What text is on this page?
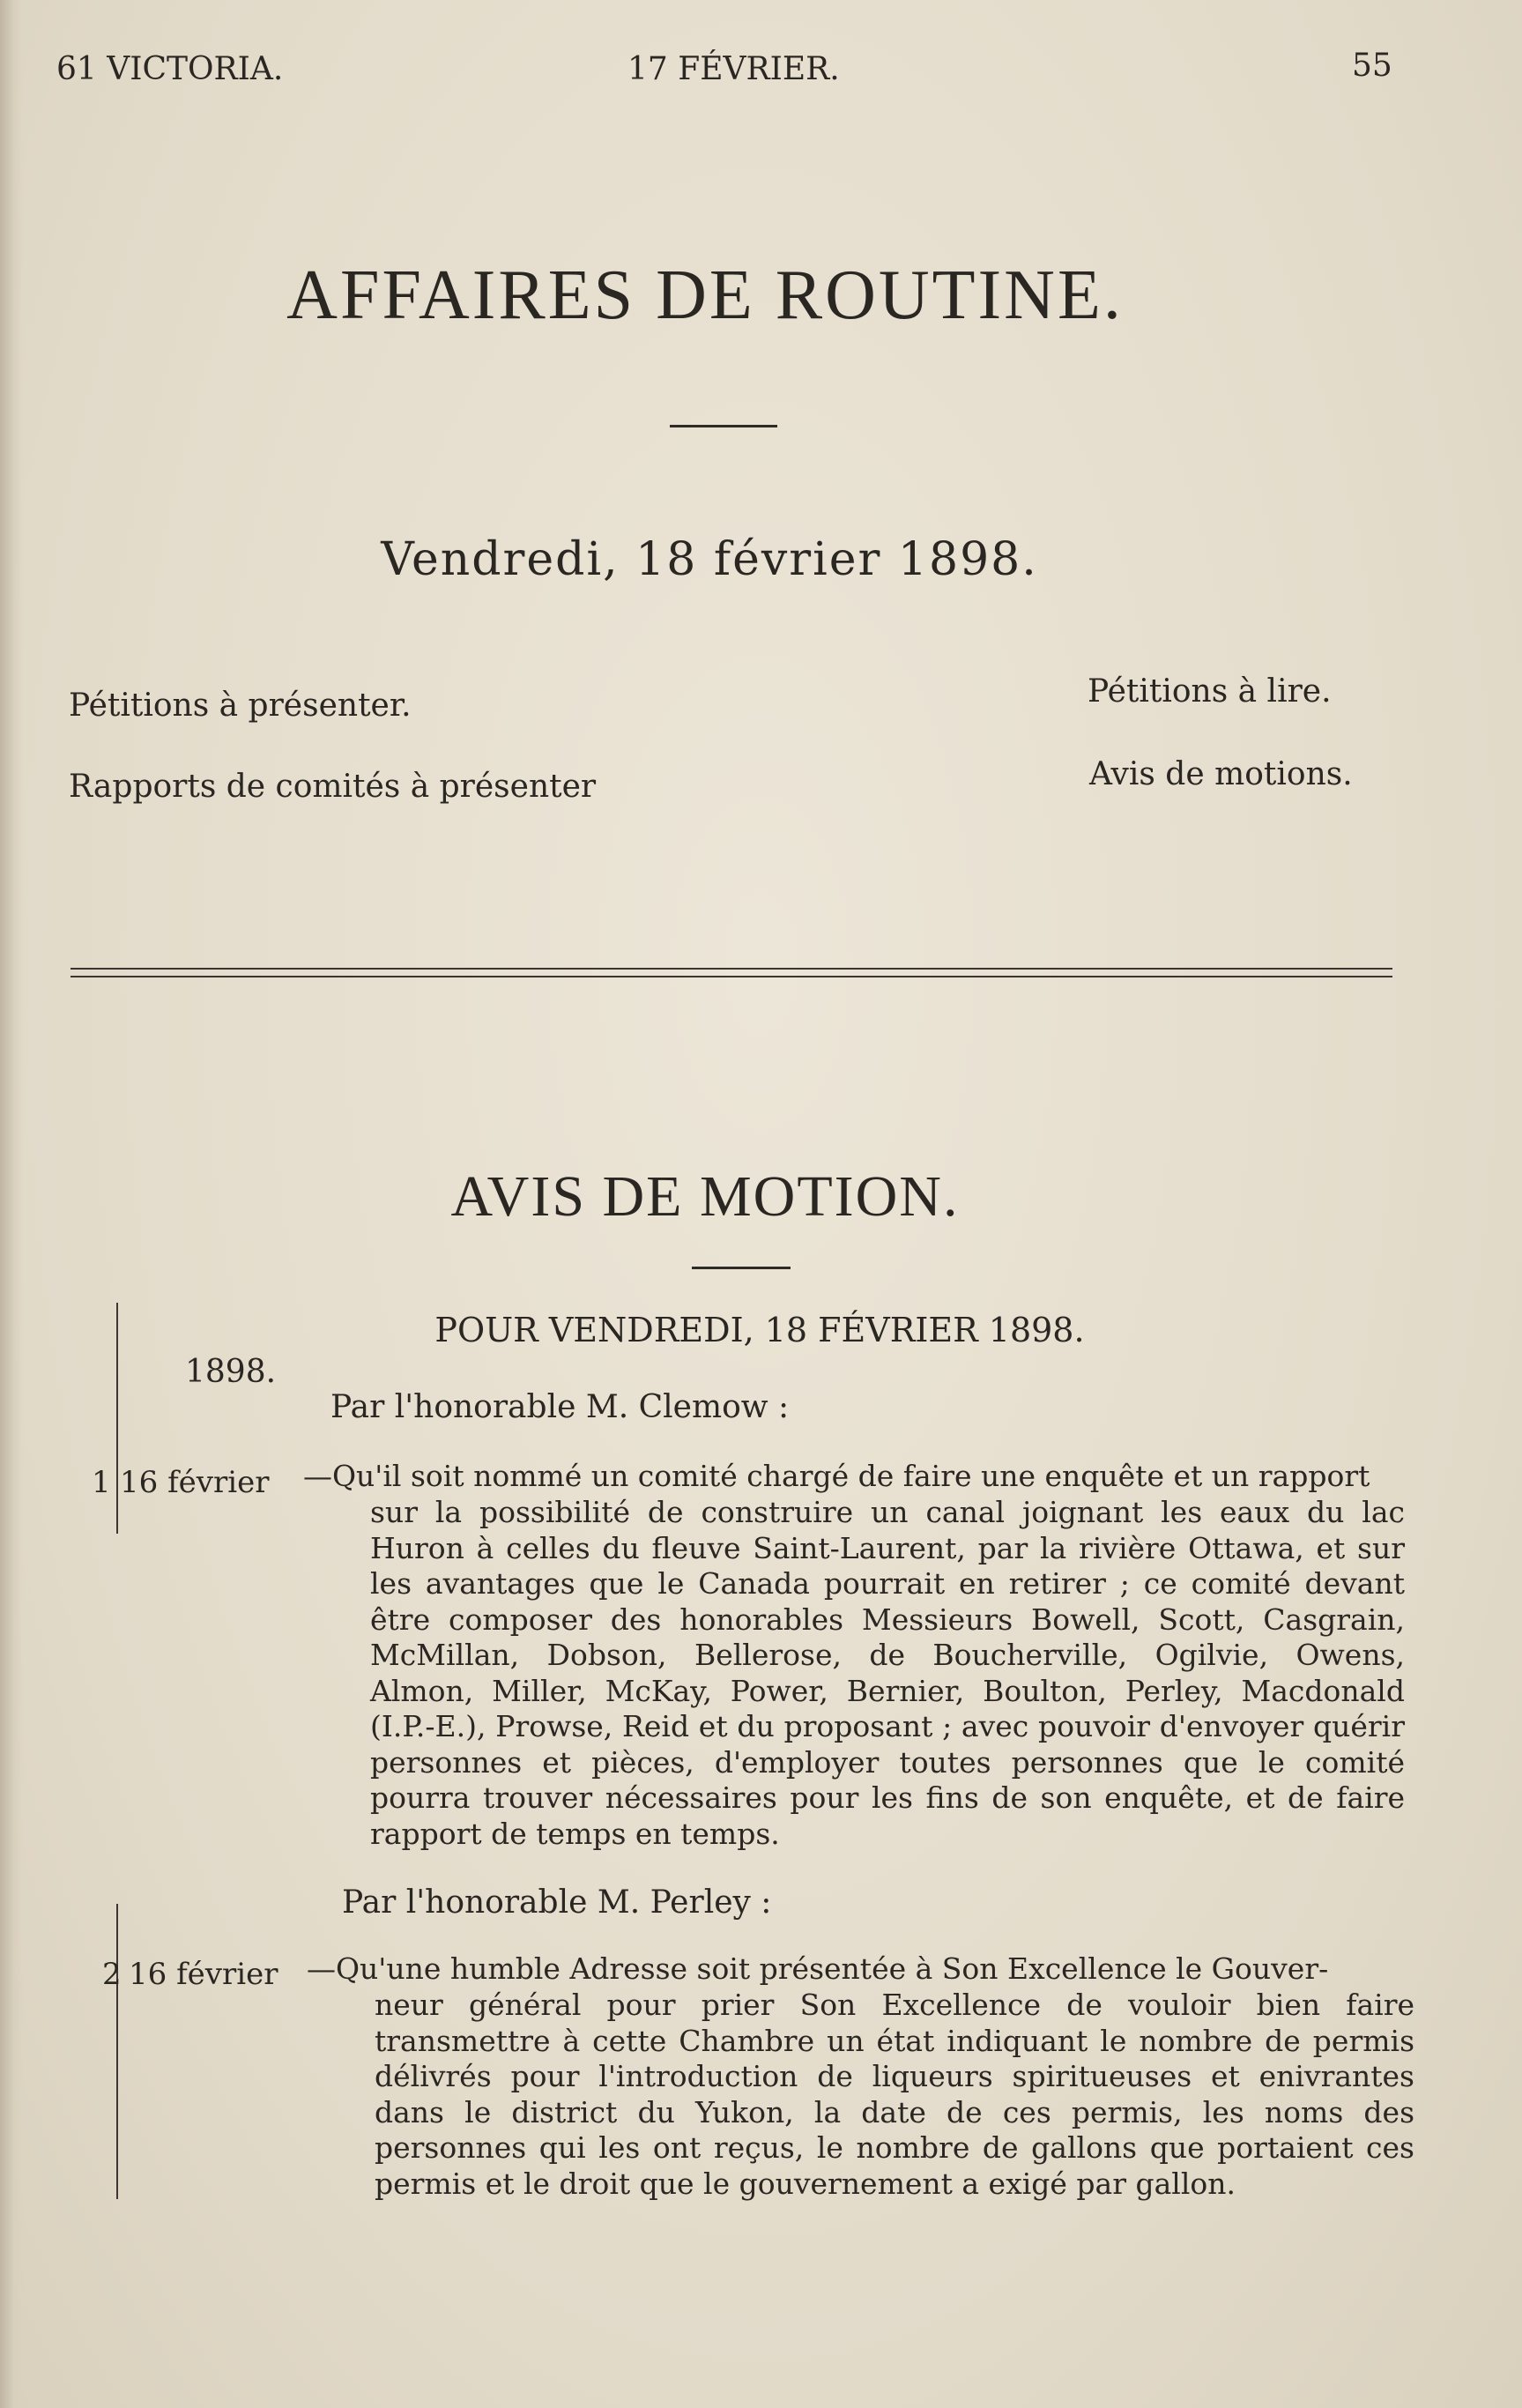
61 VICTORIA.	17 FÉVRIER.	55
AFFAIRES DE ROUTINE.
Vendredi, 18 février 1898.
Pétitions à présenter.
Rapports de comités à présenter
Pétitions à lire.
Avis de motions.
AVIS DE MOTION.
POUR VENDREDI, 18 FÉVRIER 1898.
1898.
Par l'honorable M. Clemow :
1 16 février —Qu'il soit nommé un comité chargé de faire une enquête et un rapport
sur la possibilité de construire un canal joignant les eaux du lac Huron à celles du fleuve Saint-Laurent, par la rivière Ottawa, et sur les avantages que le Canada pourrait en retirer ; ce comité devant être composer des honorables Messieurs Bowell, Scott, Casgrain, McMillan, Dobson, Bellerose, de Boucherville, Ogilvie, Owens, Almon, Miller, McKay, Power, Bernier, Boulton, Perley, Macdonald (I.P.-E.), Prowse, Reid et du proposant ; avec pouvoir d'envoyer quérir personnes et pièces, d'employer toutes personnes que le comité pourra trouver nécessaires pour les fins de son enquête, et de faire rapport de temps en temps.
Par l'honorable M. Perley :
2 16 février —Qu'une humble Adresse soit présentée à Son Excellence le Gouver-
neur général pour prier Son Excellence de vouloir bien faire transmettre à cette Chambre un état indiquant le nombre de permis délivrés pour l'introduction de liqueurs spiritueuses et enivrantes dans le district du Yukon, la date de ces permis, les noms des personnes qui les ont reçus, le nombre de gallons que portaient ces permis et le droit que le gouvernement a exigé par gallon.
